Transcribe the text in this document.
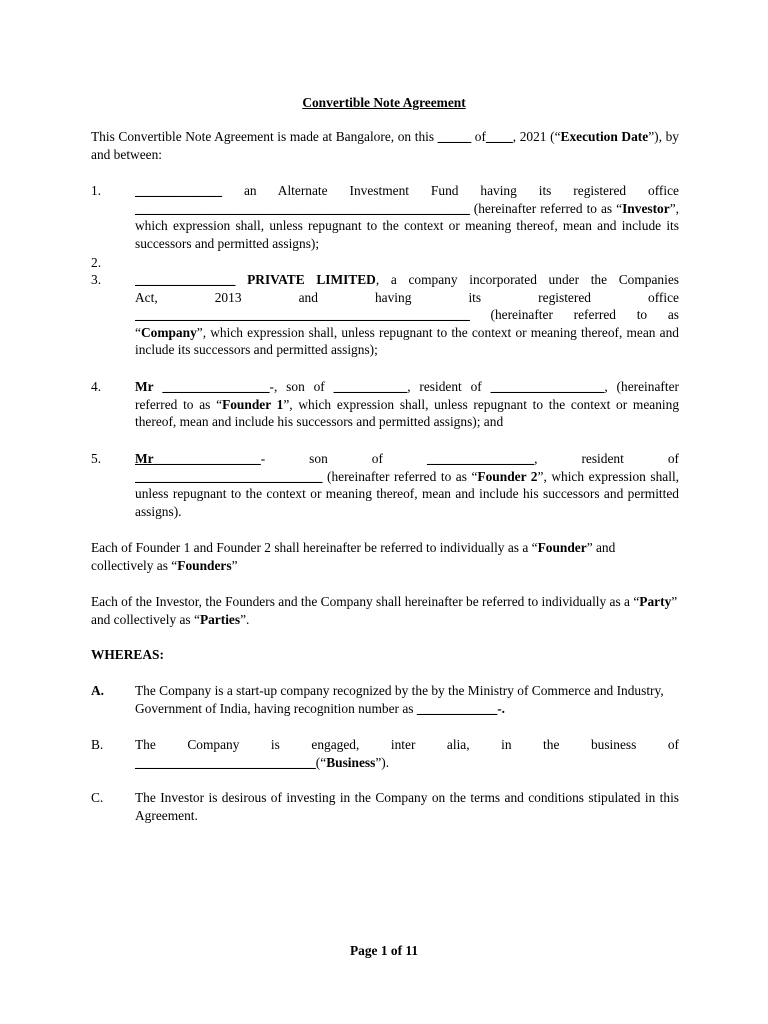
Convertible Note Agreement
This Convertible Note Agreement is made at Bangalore, on this _____ of____, 2021 (“Execution Date”), by and between:
1.	_____________ an Alternate Investment Fund having its registered office
__________________________________________________ (hereinafter referred to as “Investor”, which expression shall, unless repugnant to the context or meaning thereof, mean and include its successors and permitted assigns);
2.
3.	_______________ PRIVATE LIMITED, a company incorporated under the Companies
Act, 2013 and having its registered office
__________________________________________________ (hereinafter referred to as “Company”, which expression shall, unless repugnant to the context or meaning thereof, mean and include its successors and permitted assigns);
4.	Mr ________________-, son of ___________, resident of _________________, (hereinafter referred to as “Founder 1”, which expression shall, unless repugnant to the context or meaning thereof, mean and include his successors and permitted assigns); and
5.	Mr________________- son of ________________, resident of
____________________________ (hereinafter referred to as “Founder 2”, which expression shall, unless repugnant to the context or meaning thereof, mean and include his successors and permitted assigns).
Each of Founder 1 and Founder 2 shall hereinafter be referred to individually as a “Founder” and collectively as “Founders”
Each of the Investor, the Founders and the Company shall hereinafter be referred to individually as a “Party” and collectively as “Parties”.
WHEREAS:
A. The Company is a start-up company recognized by the by the Ministry of Commerce and Industry, Government of India, having recognition number as ____________-.
B. The Company is engaged, inter alia, in the business of
___________________________(“Business”).
C. The Investor is desirous of investing in the Company on the terms and conditions stipulated in this Agreement.
Page 1 of 11
